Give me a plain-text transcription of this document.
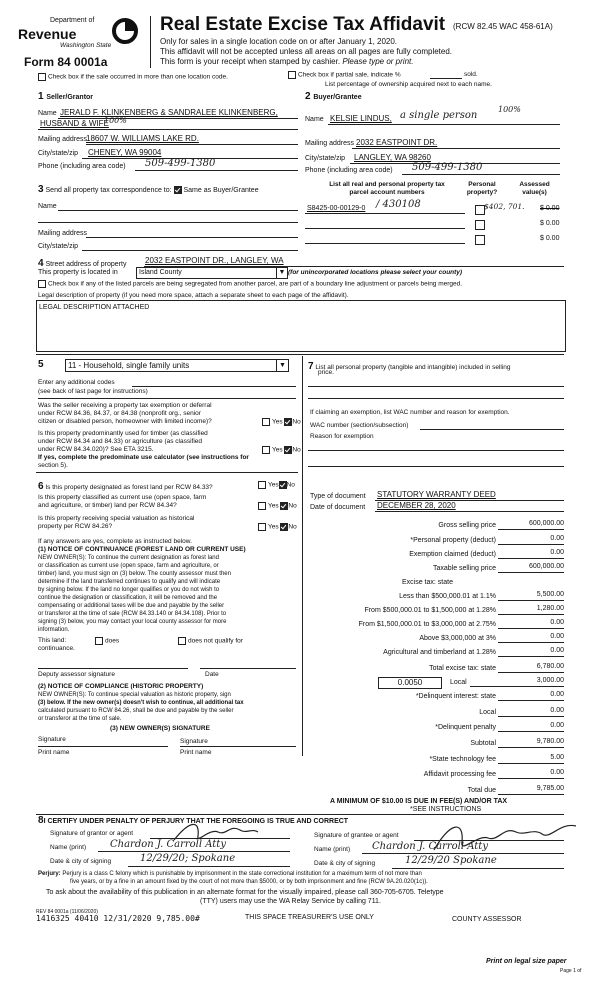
Department of
Revenue
Washington State
Form 84 0001a
Real Estate Excise Tax Affidavit (RCW 82.45 WAC 458-61A)
Only for sales in a single location code on or after January 1, 2020.
This affidavit will not be accepted unless all areas on all pages are fully completed.
This form is your receipt when stamped by cashier. Please type or print.
Check box if the sale occurred in more than one location code.	Check box if partial sale, indicate %	sold.
List percentage of ownership acquired next to each name.
1 Seller/Grantor
Name JERALD F. KLINKENBERG & SANDRALEE KLINKENBERG,
HUSBAND & WIFE
100%
Mailing address
18607 W. WILLIAMS LAKE RD.
City/state/zip CHENEY, WA 99004
Phone (including area code) 509-499-1380
2 Buyer/Grantee
Name KELSIE LINDUS, a single person
100%
Mailing address 2032 EASTPOINT DR.
City/state/zip LANGLEY, WA 98260
Phone (including area code) 509-499-1380
3 Send all property tax correspondence to: Same as Buyer/Grantee
Name
Mailing address
City/state/zip
List all real and personal property tax
parcel account numbers
Personal
property?
Assessed
value(s)
S8425-00-00129-0 / 430108	$402, 701. $ 0.00
$ 0.00
$ 0.00
4 Street address of property 2032 EASTPOINT DR., LANGLEY, WA
This property is located in	Island County	▼ (for unincorporated locations please select your county)
Check box if any of the listed parcels are being segregated from another parcel, are part of a boundary line adjustment or parcels being merged.
Legal description of property (if you need more space, attach a separate sheet to each page of the affidavit).
LEGAL DESCRIPTION ATTACHED
5	11 - Household, single family units	▼
Enter any additional codes
(see back of last page for instructions)
Was the seller receiving a property tax exemption or deferral
under RCW 84.36, 84.37, or 84.38 (nonprofit org., senior
citizen or disabled person, homeowner with limited income)?	Yes No
Is this property predominantly used for timber (as classified
under RCW 84.34 and 84.33) or agriculture (as classified
under RCW 84.34.020)? See ETA 3215.	Yes No
If yes, complete the predominate use calculator (see instructions for
section 5).
6 Is this property designated as forest land per RCW 84.33?	Yes No
Is this property classified as current use (open space, farm
and agriculture, or timber) land per RCW 84.34?	Yes No
Is this property receiving special valuation as historical
property per RCW 84.26?	Yes No
If any answers are yes, complete as instructed below.
(1) NOTICE OF CONTINUANCE (FOREST LAND OR CURRENT USE)
NEW OWNER(S): To continue the current designation as forest land
or classification as current use (open space, farm and agriculture, or
timber) land, you must sign on (3) below. The county assessor must then
determine if the land transferred continues to qualify and will indicate
by signing below. If the land no longer qualifies or you do not wish to
continue the designation or classification, it will be removed and the
compensating or additional taxes will be due and payable by the seller
or transferor at the time of sale (RCW 84.33.140 or 84.34.108). Prior to
signing (3) below, you may contact your local county assessor for more
information.
This land:	does	does not qualify for
continuance.
Deputy assessor signature	Date
(2) NOTICE OF COMPLIANCE (HISTORIC PROPERTY)
NEW OWNER(S): To continue special valuation as historic property, sign
(3) below. If the new owner(s) doesn't wish to continue, all additional tax
calculated pursuant to RCW 84.26, shall be due and payable by the seller
or transferor at the time of sale.
(3) NEW OWNER(S) SIGNATURE
Signature	Signature
Print name	Print name
7 List all personal property (tangible and intangible) included in selling
price.
If claiming an exemption, list WAC number and reason for exemption.
WAC number (section/subsection)
Reason for exemption
Type of document STATUTORY WARRANTY DEED
Date of document DECEMBER 28, 2020
Gross selling price	600,000.00
*Personal property (deduct)	0.00
Exemption claimed (deduct)	0.00
Taxable selling price	600,000.00
Excise tax: state
Less than $500,000.01 at 1.1%	5,500.00
From $500,000.01 to $1,500,000 at 1.28%	1,280.00
From $1,500,000.01 to $3,000,000 at 2.75%	0.00
Above $3,000,000 at 3%	0.00
Agricultural and timberland at 1.28%	0.00
Total excise tax: state	6,780.00
0.0050	Local	3,000.00
*Delinquent interest: state	0.00
Local	0.00
*Delinquent penalty	0.00
Subtotal	9,780.00
*State technology fee	5.00
Affidavit processing fee	0.00
Total due	9,785.00
A MINIMUM OF $10.00 IS DUE IN FEE(S) AND/OR TAX
*SEE INSTRUCTIONS
8I CERTIFY UNDER PENALTY OF PERJURY THAT THE FOREGOING IS TRUE AND CORRECT
Signature of grantor or agent
Name (print) Chardon J. Carroll Atty
Date & city of signing	12/29/20; Spokane
Signature of grantee or agent
Name (print) Chardon J. Carroll Atty
Date & city of signing	12/29/20 Spokane
Perjury: Perjury is a class C felony which is punishable by imprisonment in the state correctional institution for a maximum term of not more than
five years, or by a fine in an amount fixed by the court of not more than $5000, or by both imprisonment and fine (RCW 9A.20.020(1c)).
To ask about the availability of this publication in an alternate format for the visually impaired, please call 360-705-6705. Teletype
(TTY) users may use the WA Relay Service by calling 711.
REV 84 0001a (11/06/2020)
1416325 40410 12/31/2020 9,785.00#	THIS SPACE TREASURER'S USE ONLY	COUNTY ASSESSOR
Print on legal size paper
Page 1 of
